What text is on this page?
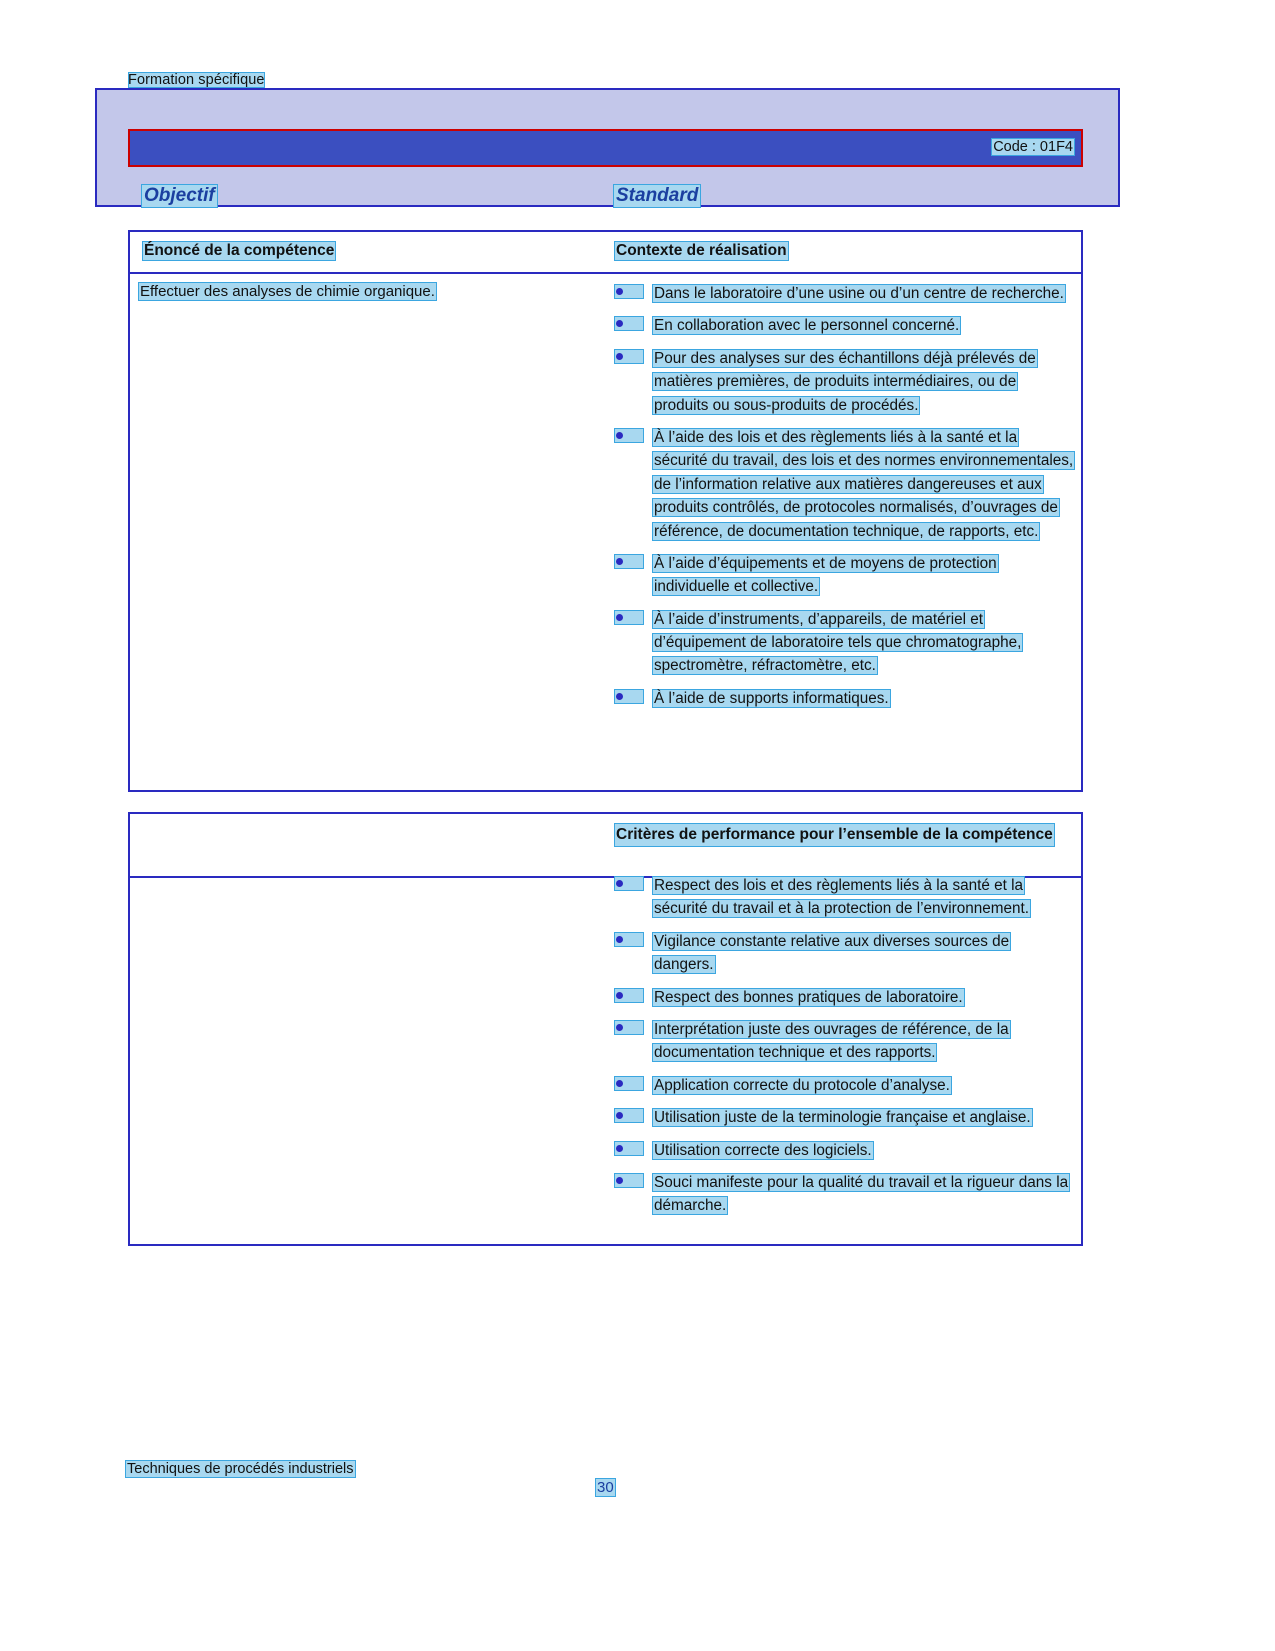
Formation spécifique
Code : 01F4
Objectif	Standard
Énoncé de la compétence	Contexte de réalisation
Effectuer des analyses de chimie organique.	Dans le laboratoire d’une usine ou d’un centre de recherche.
En collaboration avec le personnel concerné.
Pour des analyses sur des échantillons déjà prélevés de matières premières, de produits intermédiaires, ou de produits ou sous-produits de procédés.
À l’aide des lois et des règlements liés à la santé et la sécurité du travail, des lois et des normes environnementales, de l’information relative aux matières dangereuses et aux produits contrôlés, de protocoles normalisés, d’ouvrages de référence, de documentation technique, de rapports, etc.
À l’aide d’équipements et de moyens de protection individuelle et collective.
À l’aide d’instruments, d’appareils, de matériel et d’équipement de laboratoire tels que chromatographe, spectromètre, réfractomètre, etc.
À l’aide de supports informatiques.
Critères de performance pour l’ensemble de la compétence
Respect des lois et des règlements liés à la santé et la sécurité du travail et à la protection de l’environnement.
Vigilance constante relative aux diverses sources de dangers.
Respect des bonnes pratiques de laboratoire.
Interprétation juste des ouvrages de référence, de la documentation technique et des rapports.
Application correcte du protocole d’analyse.
Utilisation juste de la terminologie française et anglaise.
Utilisation correcte des logiciels.
Souci manifeste pour la qualité du travail et la rigueur dans la démarche.
Techniques de procédés industriels
30
